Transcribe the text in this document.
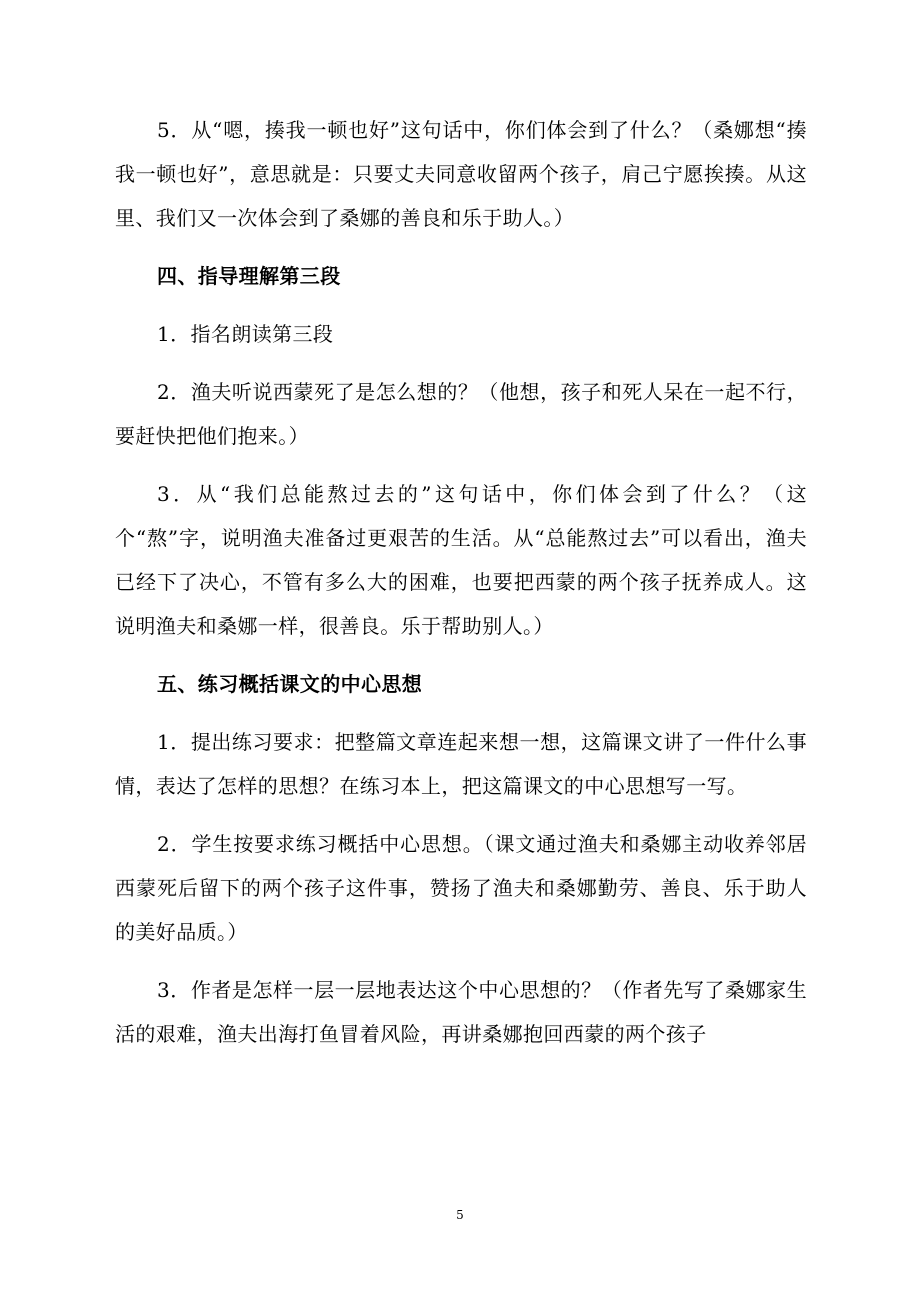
5．从“嗯，揍我一顿也好”这句话中，你们体会到了什么？（桑娜想“揍我一顿也好”，意思就是：只要丈夫同意收留两个孩子，肩己宁愿挨揍。从这里、我们又一次体会到了桑娜的善良和乐于助人。）

四、指导理解第三段

1．指名朗读第三段

2．渔夫听说西蒙死了是怎么想的？（他想，孩子和死人呆在一起不行，要赶快把他们抱来。）

3．从“我们总能熬过去的”这句话中，你们体会到了什么？（这个“熬”字，说明渔夫准备过更艰苦的生活。从“总能熬过去”可以看出，渔夫已经下了决心，不管有多么大的困难，也要把西蒙的两个孩子抚养成人。这说明渔夫和桑娜一样，很善良。乐于帮助别人。）

五、练习概括课文的中心思想

1．提出练习要求：把整篇文章连起来想一想，这篇课文讲了一件什么事情，表达了怎样的思想？在练习本上，把这篇课文的中心思想写一写。

2．学生按要求练习概括中心思想。（课文通过渔夫和桑娜主动收养邻居西蒙死后留下的两个孩子这件事，赞扬了渔夫和桑娜勤劳、善良、乐于助人的美好品质。）

3．作者是怎样一层一层地表达这个中心思想的？（作者先写了桑娜家生活的艰难，渔夫出海打鱼冒着风险，再讲桑娜抱回西蒙的两个孩子

5
